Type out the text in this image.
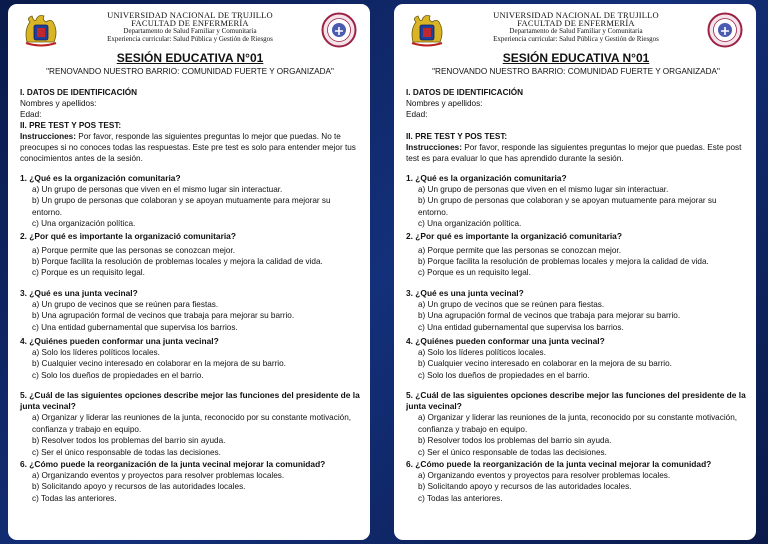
UNIVERSIDAD NACIONAL DE TRUJILLO
FACULTAD DE ENFERMERÍA
Departamento de Salud Familiar y Comunitaria
Experiencia curricular: Salud Pública y Gestión de Riesgos
SESIÓN EDUCATIVA N°01
"RENOVANDO NUESTRO BARRIO: COMUNIDAD FUERTE Y ORGANIZADA"
I. DATOS DE IDENTIFICACIÓN
Nombres y apellidos:
Edad:
II. PRE TEST Y POS TEST:
Instrucciones: Por favor, responde las siguientes preguntas lo mejor que puedas. No te preocupes si no conoces todas las respuestas. Este pre test es solo para entender mejor tus conocimientos antes de la sesión.
1. ¿Qué es la organización comunitaria?
a) Un grupo de personas que viven en el mismo lugar sin interactuar.
b) Un grupo de personas que colaboran y se apoyan mutuamente para mejorar su entorno.
c) Una organización política.
2. ¿Por qué es importante la organizació comunitaria?
a) Porque permite que las personas se conozcan mejor.
b) Porque facilita la resolución de problemas locales y mejora la calidad de vida.
c) Porque es un requisito legal.
3. ¿Qué es una junta vecinal?
a) Un grupo de vecinos que se reúnen para fiestas.
b) Una agrupación formal de vecinos que trabaja para mejorar su barrio.
c) Una entidad gubernamental que supervisa los barrios.
4. ¿Quiénes pueden conformar una junta vecinal?
a) Solo los líderes políticos locales.
b) Cualquier vecino interesado en colaborar en la mejora de su barrio.
c) Solo los dueños de propiedades en el barrio.
5. ¿Cuál de las siguientes opciones describe mejor las funciones del presidente de la junta vecinal?
a) Organizar y liderar las reuniones de la junta, reconocido por su constante motivación, confianza y trabajo en equipo.
b) Resolver todos los problemas del barrio sin ayuda.
c) Ser el único responsable de todas las decisiones.
6. ¿Cómo puede la reorganización de la junta vecinal mejorar la comunidad?
a) Organizando eventos y proyectos para resolver problemas locales.
b) Solicitando apoyo y recursos de las autoridades locales.
c) Todas las anteriores.
UNIVERSIDAD NACIONAL DE TRUJILLO
FACULTAD DE ENFERMERÍA
Departamento de Salud Familiar y Comunitaria
Experiencia curricular: Salud Pública y Gestión de Riesgos
SESIÓN EDUCATIVA N°01
"RENOVANDO NUESTRO BARRIO: COMUNIDAD FUERTE Y ORGANIZADA"
I. DATOS DE IDENTIFICACIÓN
Nombres y apellidos:
Edad:
II. PRE TEST Y POS TEST:
Instrucciones: Por favor, responde las siguientes preguntas lo mejor que puedas. Este post test es para evaluar lo que has aprendido durante la sesión.
1. ¿Qué es la organización comunitaria?
a) Un grupo de personas que viven en el mismo lugar sin interactuar.
b) Un grupo de personas que colaboran y se apoyan mutuamente para mejorar su entorno.
c) Una organización política.
2. ¿Por qué es importante la organizació comunitaria?
a) Porque permite que las personas se conozcan mejor.
b) Porque facilita la resolución de problemas locales y mejora la calidad de vida.
c) Porque es un requisito legal.
3. ¿Qué es una junta vecinal?
a) Un grupo de vecinos que se reúnen para fiestas.
b) Una agrupación formal de vecinos que trabaja para mejorar su barrio.
c) Una entidad gubernamental que supervisa los barrios.
4. ¿Quiénes pueden conformar una junta vecinal?
a) Solo los líderes políticos locales.
b) Cualquier vecino interesado en colaborar en la mejora de su barrio.
c) Solo los dueños de propiedades en el barrio.
5. ¿Cuál de las siguientes opciones describe mejor las funciones del presidente de la junta vecinal?
a) Organizar y liderar las reuniones de la junta, reconocido por su constante motivación, confianza y trabajo en equipo.
b) Resolver todos los problemas del barrio sin ayuda.
c) Ser el único responsable de todas las decisiones.
6. ¿Cómo puede la reorganización de la junta vecinal mejorar la comunidad?
a) Organizando eventos y proyectos para resolver problemas locales.
b) Solicitando apoyo y recursos de las autoridades locales.
c) Todas las anteriores.
